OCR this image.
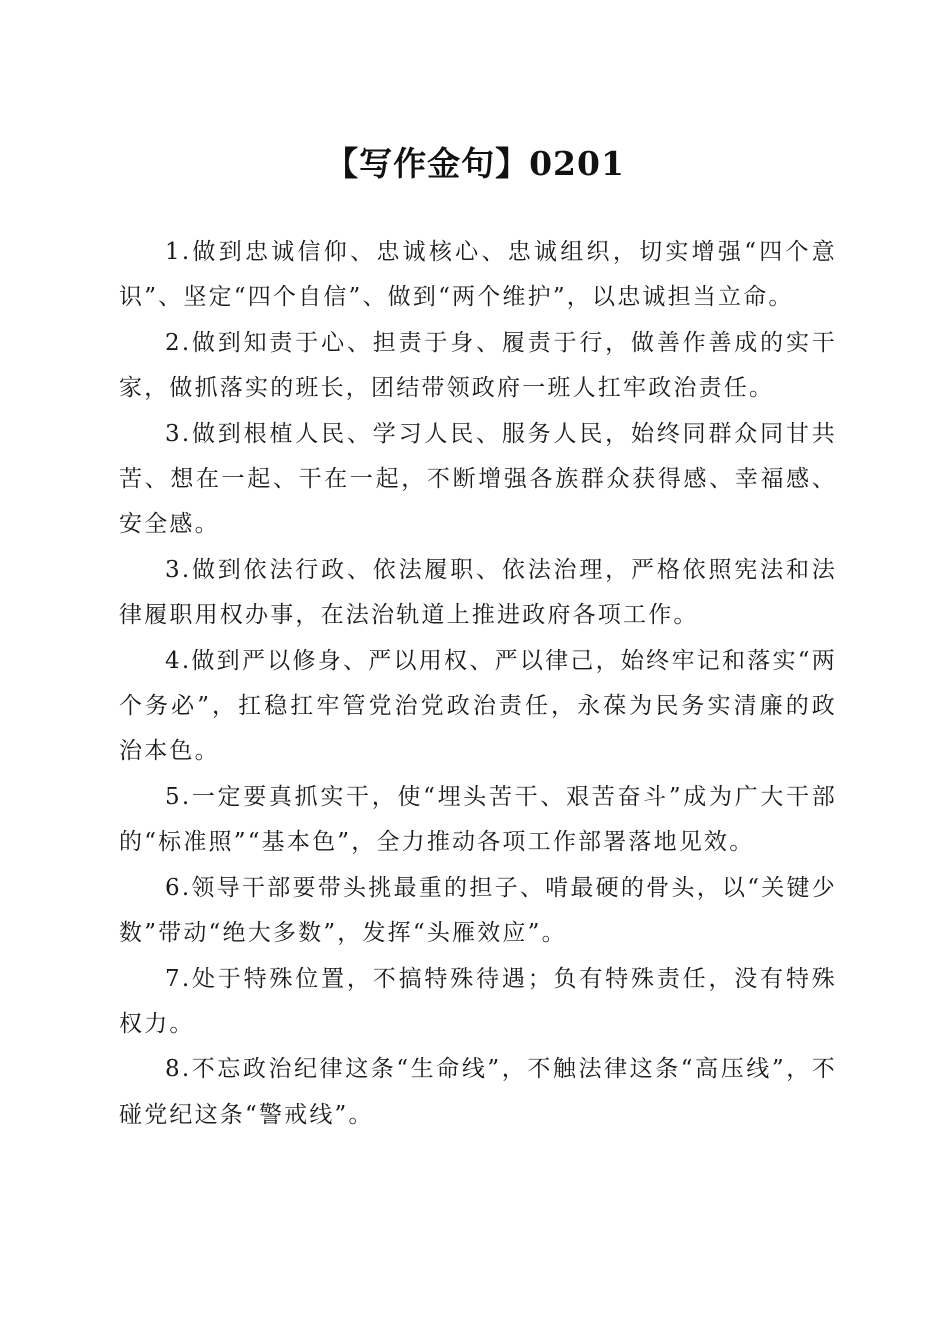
【写作金句】0201

1.做到忠诚信仰、忠诚核心、忠诚组织，切实增强“四个意识”、坚定“四个自信”、做到“两个维护”，以忠诚担当立命。

2.做到知责于心、担责于身、履责于行，做善作善成的实干家，做抓落实的班长，团结带领政府一班人扛牢政治责任。

3.做到根植人民、学习人民、服务人民，始终同群众同甘共苦、想在一起、干在一起，不断增强各族群众获得感、幸福感、安全感。

3.做到依法行政、依法履职、依法治理，严格依照宪法和法律履职用权办事，在法治轨道上推进政府各项工作。

4.做到严以修身、严以用权、严以律己，始终牢记和落实“两个务必”，扛稳扛牢管党治党政治责任，永葆为民务实清廉的政治本色。

5.一定要真抓实干，使“埋头苦干、艰苦奋斗”成为广大干部的“标准照”“基本色”，全力推动各项工作部署落地见效。

6.领导干部要带头挑最重的担子、啃最硬的骨头，以“关键少数”带动“绝大多数”，发挥“头雁效应”。

7.处于特殊位置，不搞特殊待遇；负有特殊责任，没有特殊权力。

8.不忘政治纪律这条“生命线”，不触法律这条“高压线”，不碰党纪这条“警戒线”。
